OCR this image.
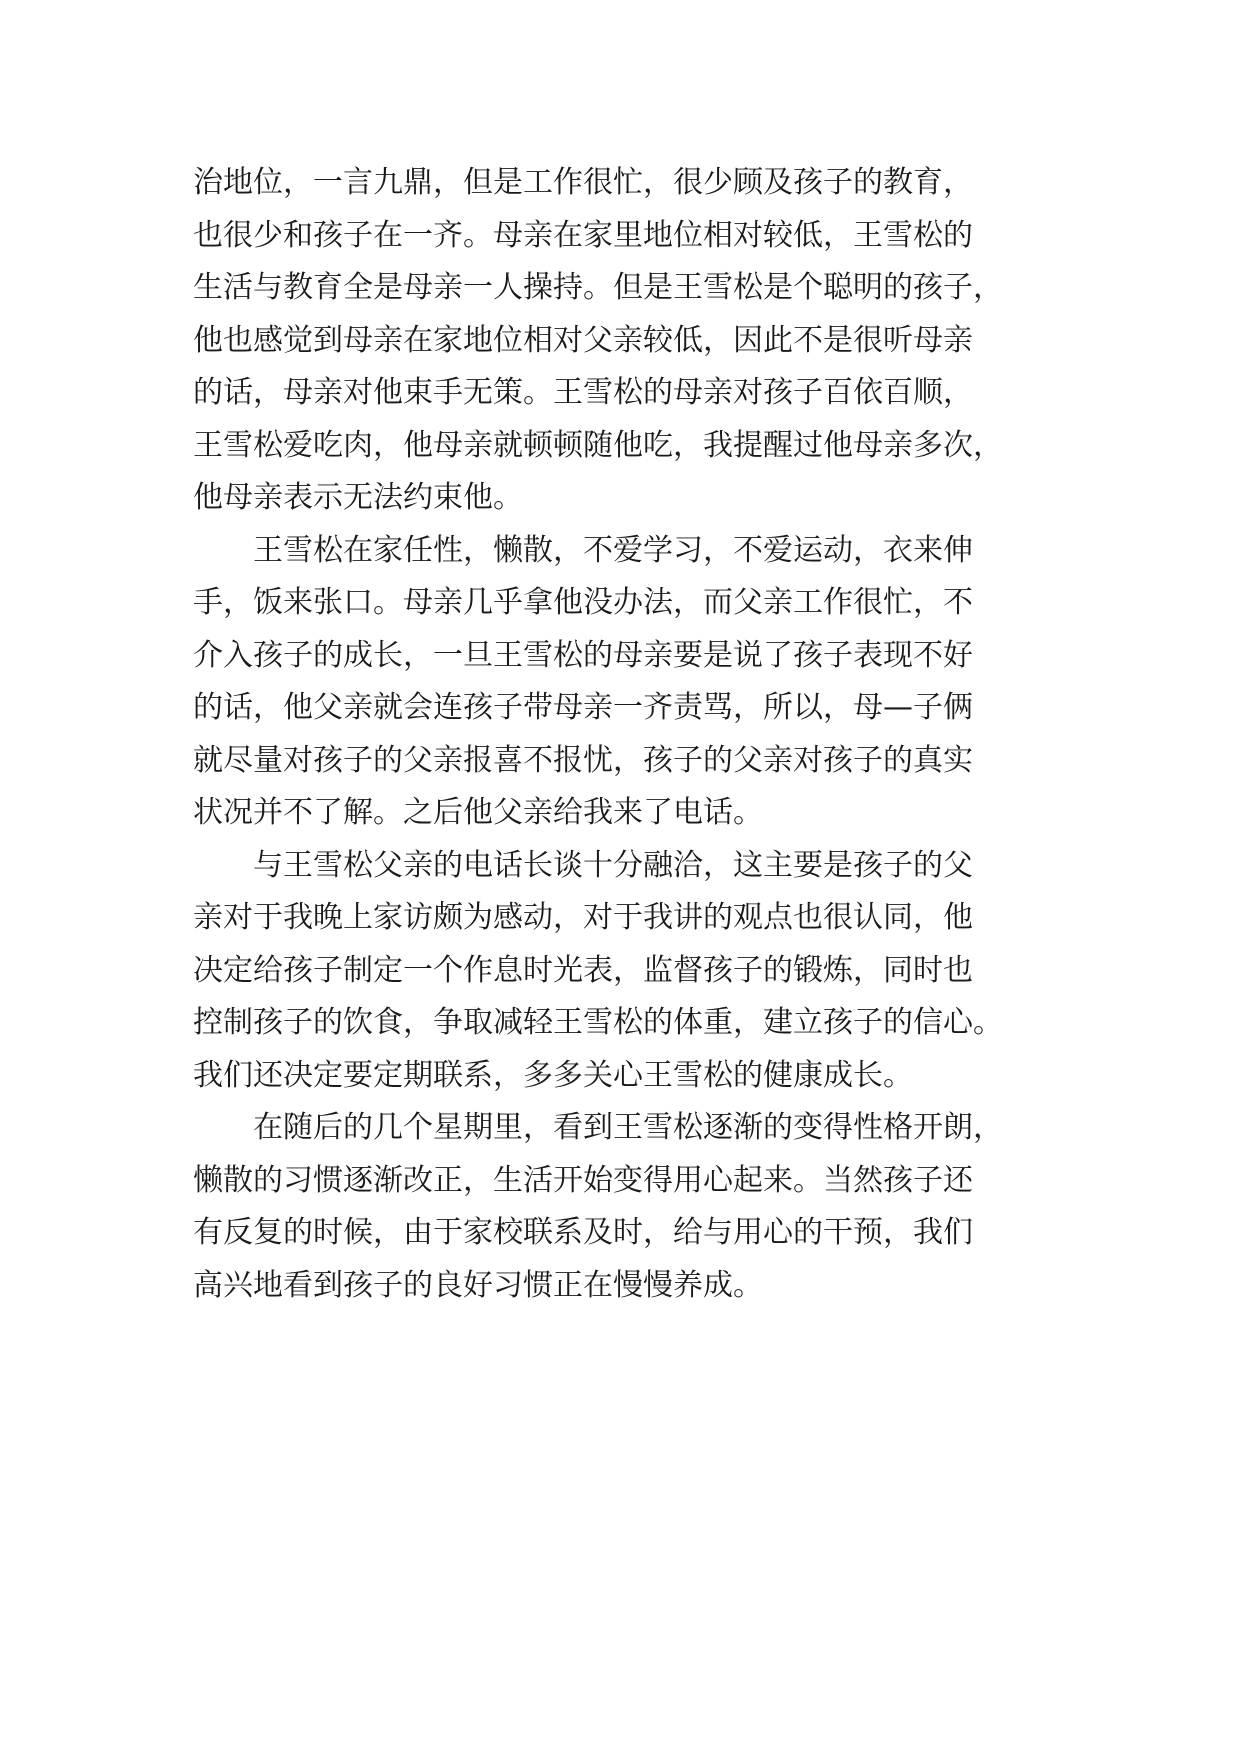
治地位，一言九鼎，但是工作很忙，很少顾及孩子的教育，
也很少和孩子在一齐。母亲在家里地位相对较低，王雪松的
生活与教育全是母亲一人操持。但是王雪松是个聪明的孩子，
他也感觉到母亲在家地位相对父亲较低，因此不是很听母亲
的话，母亲对他束手无策。王雪松的母亲对孩子百依百顺，
王雪松爱吃肉，他母亲就顿顿随他吃，我提醒过他母亲多次，
他母亲表示无法约束他。
　　王雪松在家任性，懒散，不爱学习，不爱运动，衣来伸
手，饭来张口。母亲几乎拿他没办法，而父亲工作很忙，不
介入孩子的成长，一旦王雪松的母亲要是说了孩子表现不好
的话，他父亲就会连孩子带母亲一齐责骂，所以，母—子俩
就尽量对孩子的父亲报喜不报忧，孩子的父亲对孩子的真实
状况并不了解。之后他父亲给我来了电话。
　　与王雪松父亲的电话长谈十分融洽，这主要是孩子的父
亲对于我晚上家访颇为感动，对于我讲的观点也很认同，他
决定给孩子制定一个作息时光表，监督孩子的锻炼，同时也
控制孩子的饮食，争取减轻王雪松的体重，建立孩子的信心。
我们还决定要定期联系，多多关心王雪松的健康成长。
　　在随后的几个星期里，看到王雪松逐渐的变得性格开朗，
懒散的习惯逐渐改正，生活开始变得用心起来。当然孩子还
有反复的时候，由于家校联系及时，给与用心的干预，我们
高兴地看到孩子的良好习惯正在慢慢养成。
